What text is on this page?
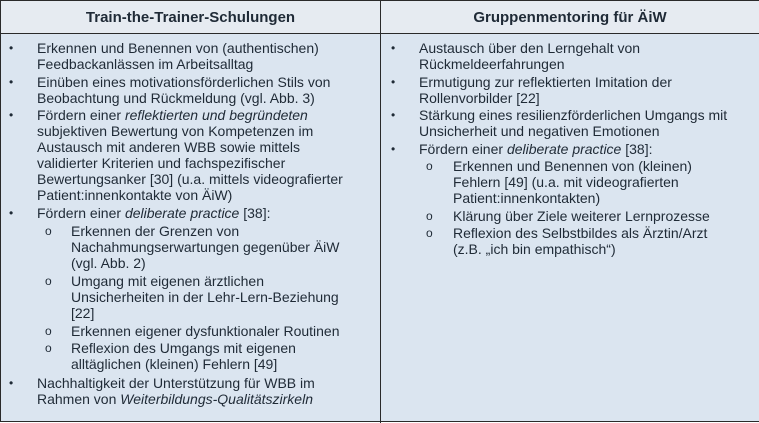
Train-the-Trainer-Schulungen	Gruppenmentoring für ÄiW
• Erkennen und Benennen von (authentischen)
Feedbackanlässen im Arbeitsalltag
• Einüben eines motivationsförderlichen Stils von
Beobachtung und Rückmeldung (vgl. Abb. 3)
• Fördern einer reflektierten und begründeten
subjektiven Bewertung von Kompetenzen im
Austausch mit anderen WBB sowie mittels
validierter Kriterien und fachspezifischer
Bewertungsanker [30] (u.a. mittels videografierter
Patient:innenkontakte von ÄiW)
• Fördern einer deliberate practice [38]:
o Erkennen der Grenzen von
Nachahmungserwartungen gegenüber ÄiW
(vgl. Abb. 2)
o Umgang mit eigenen ärztlichen
Unsicherheiten in der Lehr-Lern-Beziehung
[22]
o Erkennen eigener dysfunktionaler Routinen
o Reflexion des Umgangs mit eigenen
alltäglichen (kleinen) Fehlern [49]
• Nachhaltigkeit der Unterstützung für WBB im
Rahmen von Weiterbildungs-Qualitätszirkeln
• Austausch über den Lerngehalt von
Rückmeldeerfahrungen
• Ermutigung zur reflektierten Imitation der
Rollenvorbilder [22]
• Stärkung eines resilienzförderlichen Umgangs mit
Unsicherheit und negativen Emotionen
• Fördern einer deliberate practice [38]:
o Erkennen und Benennen von (kleinen)
Fehlern [49] (u.a. mit videografierten
Patient:innenkontakten)
o Klärung über Ziele weiterer Lernprozesse
o Reflexion des Selbstbildes als Ärztin/Arzt
(z.B. „ich bin empathisch“)
